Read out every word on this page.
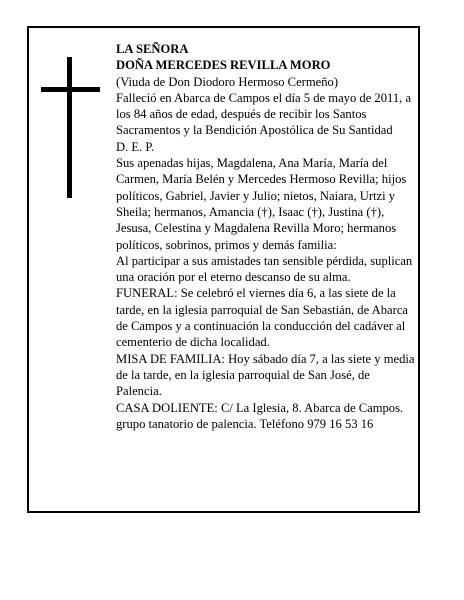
LA SEÑORA

DOÑA MERCEDES REVILLA MORO

(Viuda de Don Diodoro Hermoso Cermeño)

Falleció en Abarca de Campos el día 5 de mayo de 2011, a los 84 años de edad, después de recibir los Santos Sacramentos y la Bendición Apostólica de Su Santidad

D. E. P.

Sus apenadas hijas, Magdalena, Ana María, María del Carmen, María Belén y Mercedes Hermoso Revilla; hijos políticos, Gabriel, Javier y Julio; nietos, Naiara, Urtzi y Sheila; hermanos, Amancia (†), Isaac (†), Justina (†), Jesusa, Celestina y Magdalena Revilla Moro; hermanos políticos, sobrinos, primos y demás familia:

Al participar a sus amistades tan sensible pérdida, suplican una oración por el eterno descanso de su alma.

FUNERAL: Se celebró el viernes día 6, a las siete de la tarde, en la iglesia parroquial de San Sebastián, de Abarca de Campos y a continuación la conducción del cadáver al cementerio de dicha localidad.

MISA DE FAMILIA: Hoy sábado día 7, a las siete y media de la tarde, en la iglesia parroquial de San José, de Palencia.

CASA DOLIENTE: C/ La Iglesia, 8. Abarca de Campos.

grupo tanatorio de palencia. Teléfono 979 16 53 16
